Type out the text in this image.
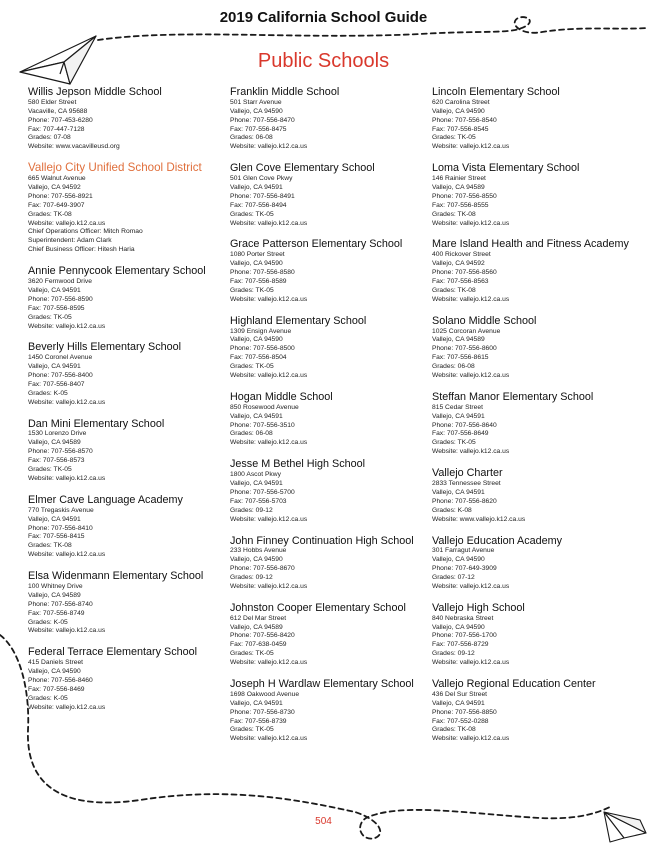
2019 California School Guide
Public Schools
Willis Jepson Middle School
580 Elder Street
Vacaville, CA 95688
Phone: 707-453-6280
Fax: 707-447-7128
Grades: 07-08
Website: www.vacavilleusd.org
Vallejo City Unified School District
665 Walnut Avenue
Vallejo, CA 94592
Phone: 707-556-8921
Fax: 707-649-3907
Grades: TK-08
Website: vallejo.k12.ca.us
Chief Operations Officer: Mitch Romao
Superintendent: Adam Clark
Chief Business Officer: Hitesh Haria
Annie Pennycook Elementary School
3620 Fernwood Drive
Vallejo, CA 94591
Phone: 707-556-8590
Fax: 707-556-8595
Grades: TK-05
Website: vallejo.k12.ca.us
Beverly Hills Elementary School
1450 Coronel Avenue
Vallejo, CA 94591
Phone: 707-556-8400
Fax: 707-556-8407
Grades: K-05
Website: vallejo.k12.ca.us
Dan Mini Elementary School
1530 Lorenzo Drive
Vallejo, CA 94589
Phone: 707-556-8570
Fax: 707-556-8573
Grades: TK-05
Website: vallejo.k12.ca.us
Elmer Cave Language Academy
770 Tregaskis Avenue
Vallejo, CA 94591
Phone: 707-556-8410
Fax: 707-556-8415
Grades: TK-08
Website: vallejo.k12.ca.us
Elsa Widenmann Elementary School
100 Whitney Drive
Vallejo, CA 94589
Phone: 707-556-8740
Fax: 707-556-8749
Grades: K-05
Website: vallejo.k12.ca.us
Federal Terrace Elementary School
415 Daniels Street
Vallejo, CA 94590
Phone: 707-556-8460
Fax: 707-556-8469
Grades: K-05
Website: vallejo.k12.ca.us
Franklin Middle School
501 Starr Avenue
Vallejo, CA 94590
Phone: 707-556-8470
Fax: 707-556-8475
Grades: 06-08
Website: vallejo.k12.ca.us
Glen Cove Elementary School
501 Glen Cove Pkwy
Vallejo, CA 94591
Phone: 707-556-8491
Fax: 707-556-8494
Grades: TK-05
Website: vallejo.k12.ca.us
Grace Patterson Elementary School
1080 Porter Street
Vallejo, CA 94590
Phone: 707-556-8580
Fax: 707-556-8589
Grades: TK-05
Website: vallejo.k12.ca.us
Highland Elementary School
1309 Ensign Avenue
Vallejo, CA 94590
Phone: 707-556-8500
Fax: 707-556-8504
Grades: TK-05
Website: vallejo.k12.ca.us
Hogan Middle School
850 Rosewood Avenue
Vallejo, CA 94591
Phone: 707-556-3510
Grades: 06-08
Website: vallejo.k12.ca.us
Jesse M Bethel High School
1800 Ascot Pkwy
Vallejo, CA 94591
Phone: 707-556-5700
Fax: 707-556-5703
Grades: 09-12
Website: vallejo.k12.ca.us
John Finney Continuation High School
233 Hobbs Avenue
Vallejo, CA 94590
Phone: 707-556-8670
Grades: 09-12
Website: vallejo.k12.ca.us
Johnston Cooper Elementary School
612 Del Mar Street
Vallejo, CA 94589
Phone: 707-556-8420
Fax: 707-638-0459
Grades: TK-05
Website: vallejo.k12.ca.us
Joseph H Wardlaw Elementary School
1698 Oakwood Avenue
Vallejo, CA 94591
Phone: 707-556-8730
Fax: 707-556-8739
Grades: TK-05
Website: vallejo.k12.ca.us
Lincoln Elementary School
620 Carolina Street
Vallejo, CA 94590
Phone: 707-556-8540
Fax: 707-556-8545
Grades: TK-05
Website: vallejo.k12.ca.us
Loma Vista Elementary School
146 Rainier Street
Vallejo, CA 94589
Phone: 707-556-8550
Fax: 707-556-8555
Grades: TK-08
Website: vallejo.k12.ca.us
Mare Island Health and Fitness Academy
400 Rickover Street
Vallejo, CA 94592
Phone: 707-556-8560
Fax: 707-556-8563
Grades: TK-08
Website: vallejo.k12.ca.us
Solano Middle School
1025 Corcoran Avenue
Vallejo, CA 94589
Phone: 707-556-8600
Fax: 707-556-8615
Grades: 06-08
Website: vallejo.k12.ca.us
Steffan Manor Elementary School
815 Cedar Street
Vallejo, CA 94591
Phone: 707-556-8640
Fax: 707-556-8649
Grades: TK-05
Website: vallejo.k12.ca.us
Vallejo Charter
2833 Tennessee Street
Vallejo, CA 94591
Phone: 707-556-8620
Grades: K-08
Website: www.vallejo.k12.ca.us
Vallejo Education Academy
301 Farragut Avenue
Vallejo, CA 94590
Phone: 707-649-3909
Grades: 07-12
Website: vallejo.k12.ca.us
Vallejo High School
840 Nebraska Street
Vallejo, CA 94590
Phone: 707-556-1700
Fax: 707-556-8729
Grades: 09-12
Website: vallejo.k12.ca.us
Vallejo Regional Education Center
436 Del Sur Street
Vallejo, CA 94591
Phone: 707-556-8850
Fax: 707-552-0288
Grades: TK-08
Website: vallejo.k12.ca.us
504
